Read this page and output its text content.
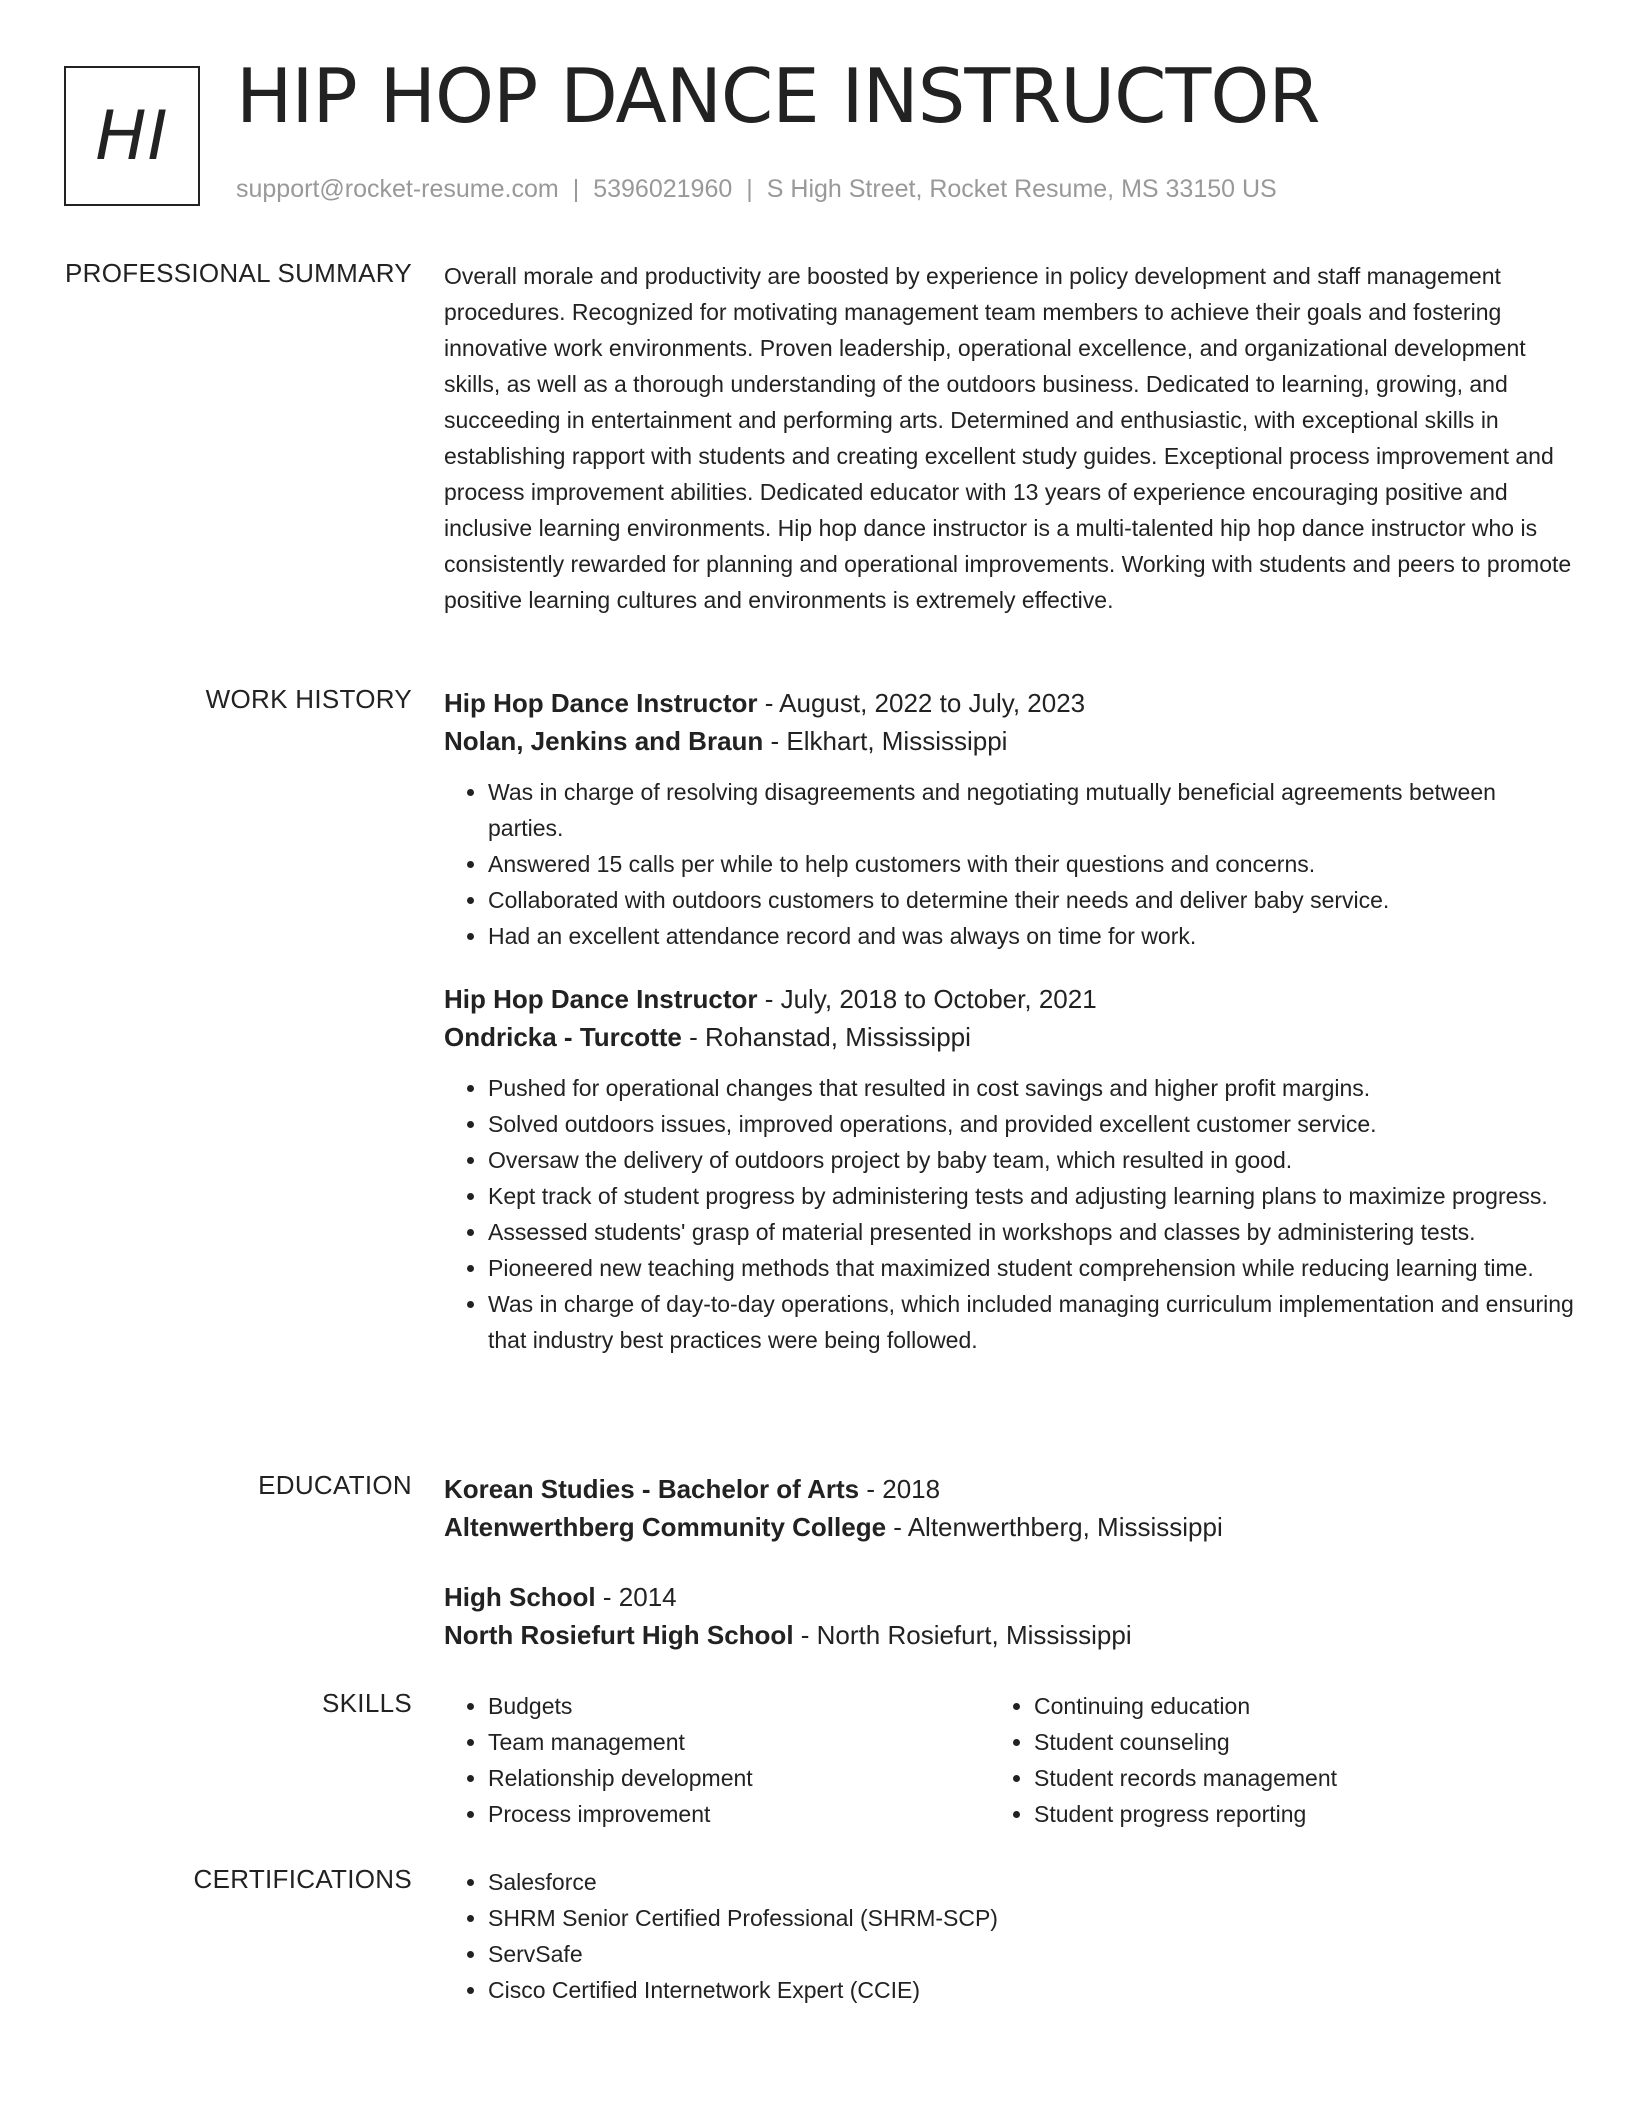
HI HIP HOP DANCE INSTRUCTOR
support@rocket-resume.com | 5396021960 | S High Street, Rocket Resume, MS 33150 US
PROFESSIONAL SUMMARY Overall morale and productivity are boosted by experience in policy development and staff management procedures. Recognized for motivating management team members to achieve their goals and fostering innovative work environments. Proven leadership, operational excellence, and organizational development skills, as well as a thorough understanding of the outdoors business. Dedicated to learning, growing, and succeeding in entertainment and performing arts. Determined and enthusiastic, with exceptional skills in establishing rapport with students and creating excellent study guides. Exceptional process improvement and process improvement abilities. Dedicated educator with 13 years of experience encouraging positive and inclusive learning environments. Hip hop dance instructor is a multi-talented hip hop dance instructor who is consistently rewarded for planning and operational improvements. Working with students and peers to promote positive learning cultures and environments is extremely effective.

WORK HISTORY Hip Hop Dance Instructor - August, 2022 to July, 2023
Nolan, Jenkins and Braun - Elkhart, Mississippi
• Was in charge of resolving disagreements and negotiating mutually beneficial agreements between parties.
• Answered 15 calls per while to help customers with their questions and concerns.
• Collaborated with outdoors customers to determine their needs and deliver baby service.
• Had an excellent attendance record and was always on time for work.
Hip Hop Dance Instructor - July, 2018 to October, 2021
Ondricka - Turcotte - Rohanstad, Mississippi
• Pushed for operational changes that resulted in cost savings and higher profit margins.
• Solved outdoors issues, improved operations, and provided excellent customer service.
• Oversaw the delivery of outdoors project by baby team, which resulted in good.
• Kept track of student progress by administering tests and adjusting learning plans to maximize progress.
• Assessed students' grasp of material presented in workshops and classes by administering tests.
• Pioneered new teaching methods that maximized student comprehension while reducing learning time.
• Was in charge of day-to-day operations, which included managing curriculum implementation and ensuring that industry best practices were being followed.
EDUCATION Korean Studies - Bachelor of Arts - 2018
Altenwerthberg Community College - Altenwerthberg, Mississippi
High School - 2014
North Rosiefurt High School - North Rosiefurt, Mississippi
SKILLS	• Budgets
• Team management
• Relationship development
• Process improvement
• Continuing education
• Student counseling
• Student records management
• Student progress reporting
CERTIFICATIONS	• Salesforce
• SHRM Senior Certified Professional (SHRM-SCP)
• ServSafe
• Cisco Certified Internetwork Expert (CCIE)
